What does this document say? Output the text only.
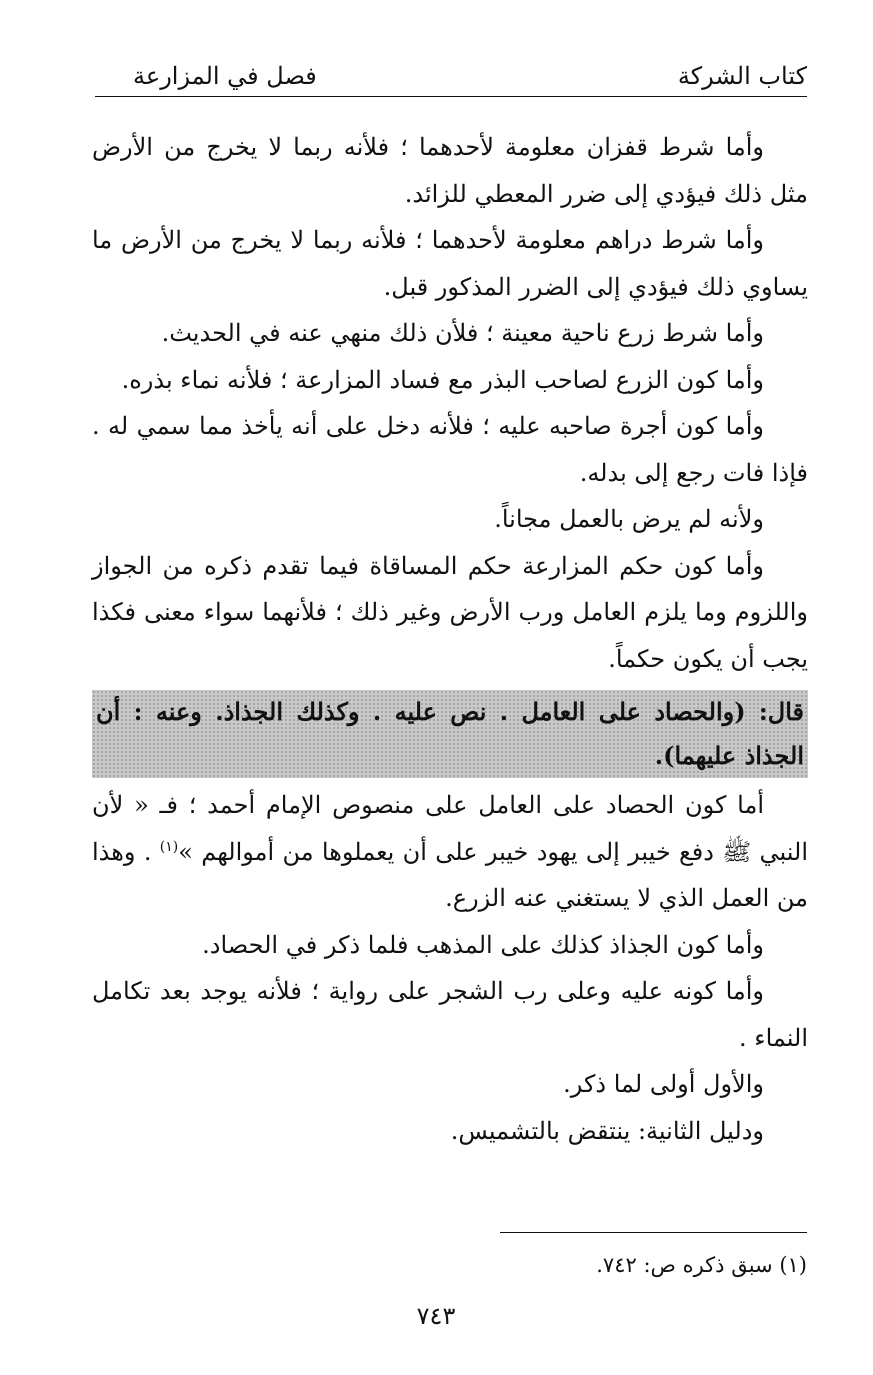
كتاب الشركة
فصل في المزارعة

وأما شرط قفزان معلومة لأحدهما ؛ فلأنه ربما لا يخرج من الأرض مثل ذلك فيؤدي إلى ضرر المعطي للزائد.

وأما شرط دراهم معلومة لأحدهما ؛ فلأنه ربما لا يخرج من الأرض ما يساوي ذلك فيؤدي إلى الضرر المذكور قبل.

وأما شرط زرع ناحية معينة ؛ فلأن ذلك منهي عنه في الحديث.

وأما كون الزرع لصاحب البذر مع فساد المزارعة ؛ فلأنه نماء بذره.

وأما كون أجرة صاحبه عليه ؛ فلأنه دخل على أنه يأخذ مما سمي له . فإذا فات رجع إلى بدله.

ولأنه لم يرض بالعمل مجاناً.

وأما كون حكم المزارعة حكم المساقاة فيما تقدم ذكره من الجواز واللزوم وما يلزم العامل ورب الأرض وغير ذلك ؛ فلأنهما سواء معنى فكذا يجب أن يكون حكماً.

قال: (والحصاد على العامل . نص عليه . وكذلك الجذاذ. وعنه : أن الجذاذ عليهما).

أما كون الحصاد على العامل على منصوص الإمام أحمد ؛ فـ « لأن النبي ﷺ دفع خيبر إلى يهود خيبر على أن يعملوها من أموالهم »$^{(١)}$ . وهذا من العمل الذي لا يستغني عنه الزرع.

وأما كون الجذاذ كذلك على المذهب فلما ذكر في الحصاد.

وأما كونه عليه وعلى رب الشجر على رواية ؛ فلأنه يوجد بعد تكامل النماء .

والأول أولى لما ذكر.

ودليل الثانية: ينتقض بالتشميس.

(١) سبق ذكره ص: ٧٤٢.
٧٤٣
